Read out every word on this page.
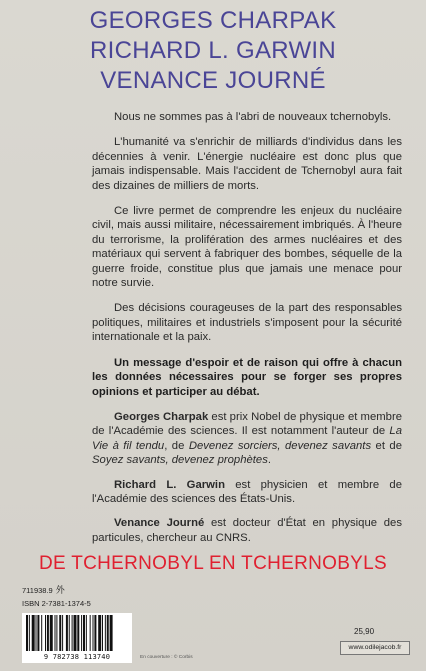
GEORGES CHARPAK
RICHARD L. GARWIN
VENANCE JOURNÉ

Nous ne sommes pas à l'abri de nouveaux tchernobyls.

L'humanité va s'enrichir de milliards d'individus dans les décennies à venir. L'énergie nucléaire est donc plus que jamais indispensable. Mais l'accident de Tchernobyl aura fait des dizaines de milliers de morts.

Ce livre permet de comprendre les enjeux du nucléaire civil, mais aussi militaire, nécessairement imbriqués. À l'heure du terrorisme, la prolifération des armes nucléaires et des matériaux qui servent à fabriquer des bombes, séquelle de la guerre froide, constitue plus que jamais une menace pour notre survie.

Des décisions courageuses de la part des responsables politiques, militaires et industriels s'imposent pour la sécurité internationale et la paix.

Un message d'espoir et de raison qui offre à chacun les données nécessaires pour se forger ses propres opinions et participer au débat.

Georges Charpak est prix Nobel de physique et membre de l'Académie des sciences. Il est notamment l'auteur de La Vie à fil tendu, de Devenez sorciers, devenez savants et de Soyez savants, devenez prophètes.

Richard L. Garwin est physicien et membre de l'Académie des sciences des États-Unis.

Venance Journé est docteur d'État en physique des particules, chercheur au CNRS.

DE TCHERNOBYL EN TCHERNOBYLS
711938.9 外
ISBN 2-7381-1374-5
9 782738 113740	En couverture : © Corbis
25,90
www.odilejacob.fr
